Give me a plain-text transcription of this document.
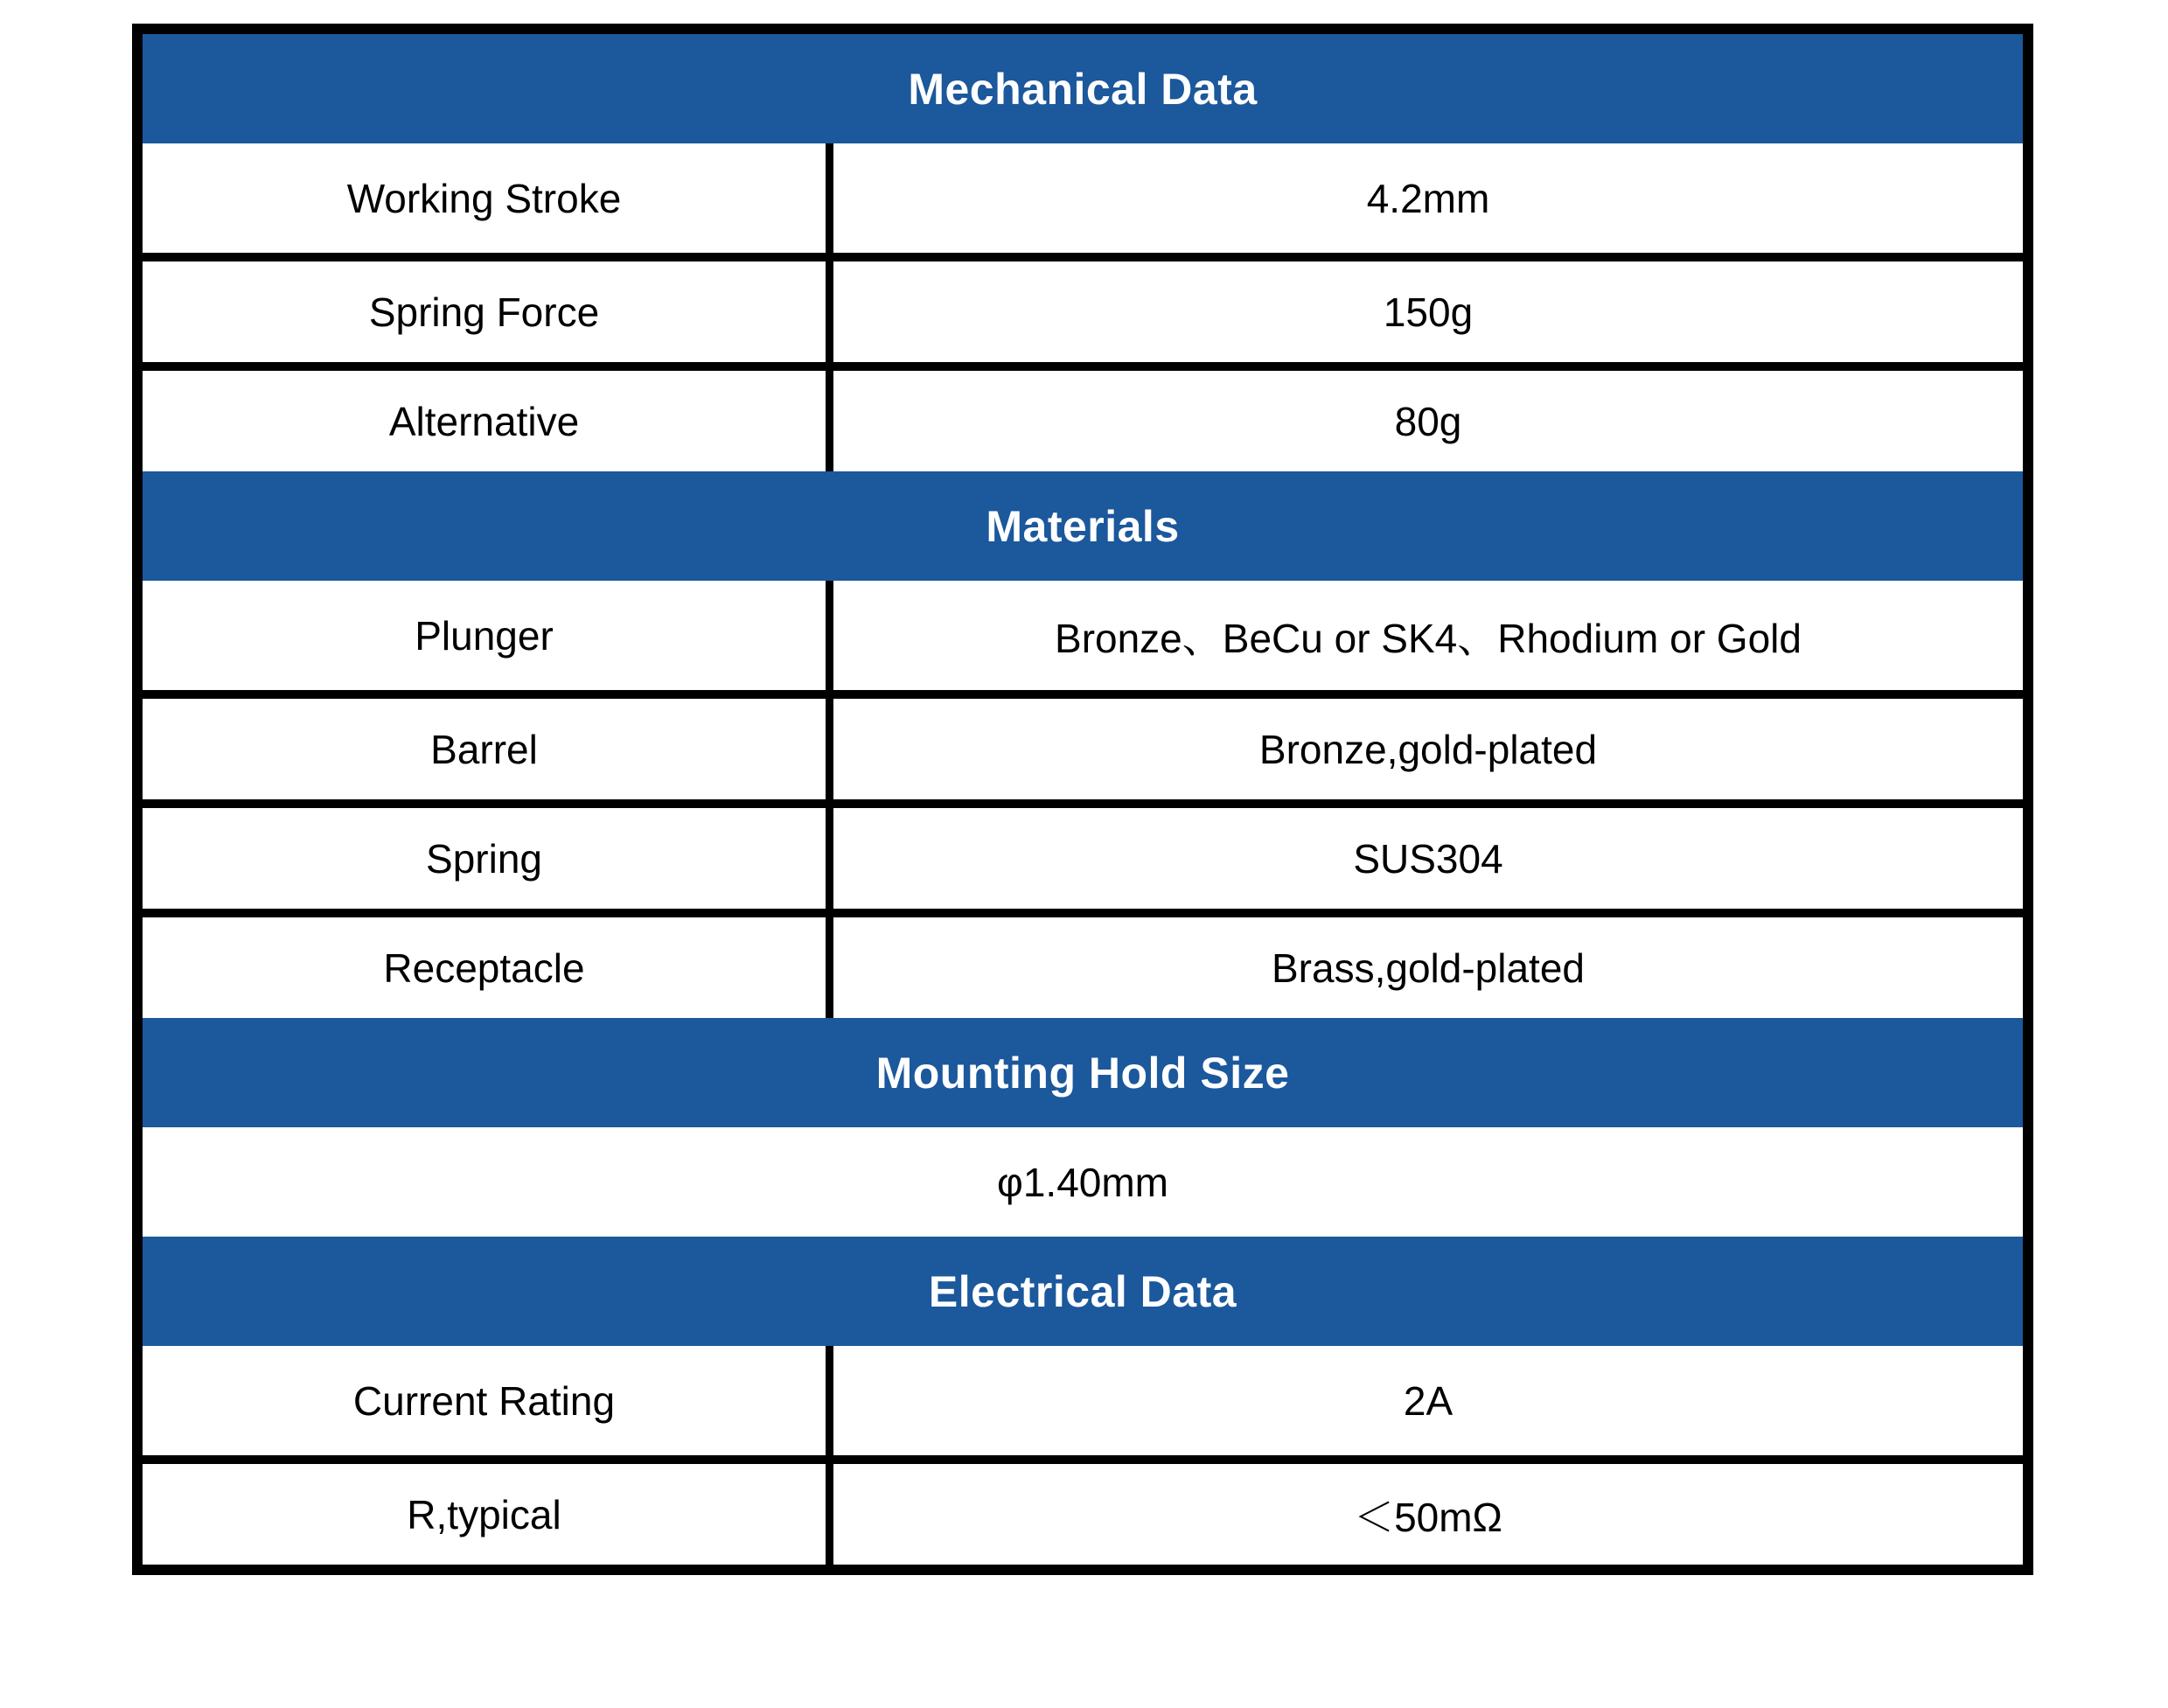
Mechanical Data
Working Stroke	4.2mm
Spring Force	150g
Alternative	80g
Materials
Plunger	Bronze、BeCu or SK4、Rhodium or Gold
Barrel	Bronze,gold-plated
Spring	SUS304
Receptacle	Brass,gold-plated
Mounting Hold Size
φ1.40mm
Electrical Data
Current Rating	2A
R,typical	＜50mΩ
